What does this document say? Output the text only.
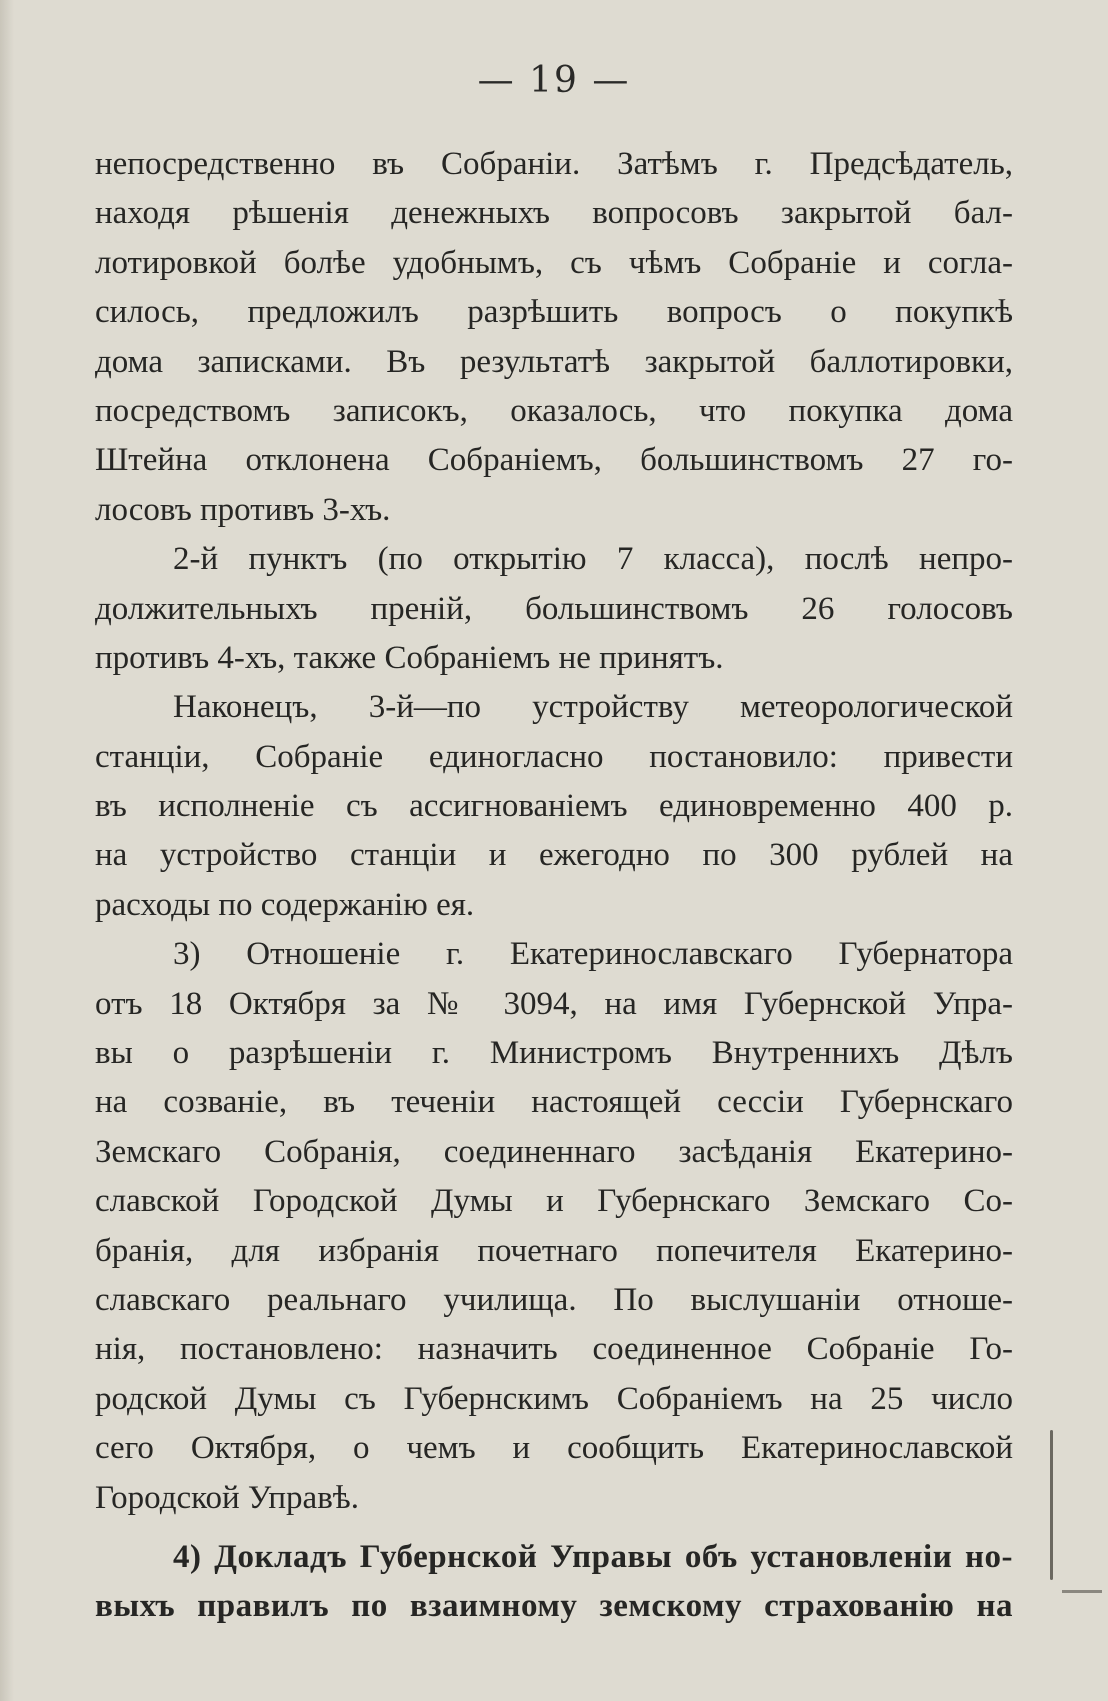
— 19 —
непосредственно въ Собраніи. Затѣмъ г. Предсѣдатель,
находя рѣшенія денежныхъ вопросовъ закрытой бал-
лотировкой болѣе удобнымъ, съ чѣмъ Собраніе и согла-
силось, предложилъ разрѣшить вопросъ о покупкѣ
дома записками. Въ результатѣ закрытой баллотировки,
посредствомъ записокъ, оказалось, что покупка дома
Штейна отклонена Собраніемъ, большинствомъ 27 го-
лосовъ противъ 3-хъ.
2-й пунктъ (по открытію 7 класса), послѣ непро-
должительныхъ преній, большинствомъ 26 голосовъ
противъ 4-хъ, также Собраніемъ не принятъ.
Наконецъ, 3-й—по устройству метеорологической
станціи, Собраніе единогласно постановило: привести
въ исполненіе съ ассигнованіемъ единовременно 400 р.
на устройство станціи и ежегодно по 300 рублей на
расходы по содержанію ея.
3) Отношеніе г. Екатеринославскаго Губернатора
отъ 18 Октября за № 3094, на имя Губернской Упра-
вы о разрѣшеніи г. Министромъ Внутреннихъ Дѣлъ
на созваніе, въ теченіи настоящей сессіи Губернскаго
Земскаго Собранія, соединеннаго засѣданія Екатерино-
славской Городской Думы и Губернскаго Земскаго Со-
бранія, для избранія почетнаго попечителя Екатерино-
славскаго реальнаго училища. По выслушаніи отноше-
нія, постановлено: назначить соединенное Собраніе Го-
родской Думы съ Губернскимъ Собраніемъ на 25 число
сего Октября, о чемъ и сообщить Екатеринославской
Городской Управѣ.
4) Докладъ Губернской Управы объ установленіи но-
выхъ правилъ по взаимному земскому страхованію на
